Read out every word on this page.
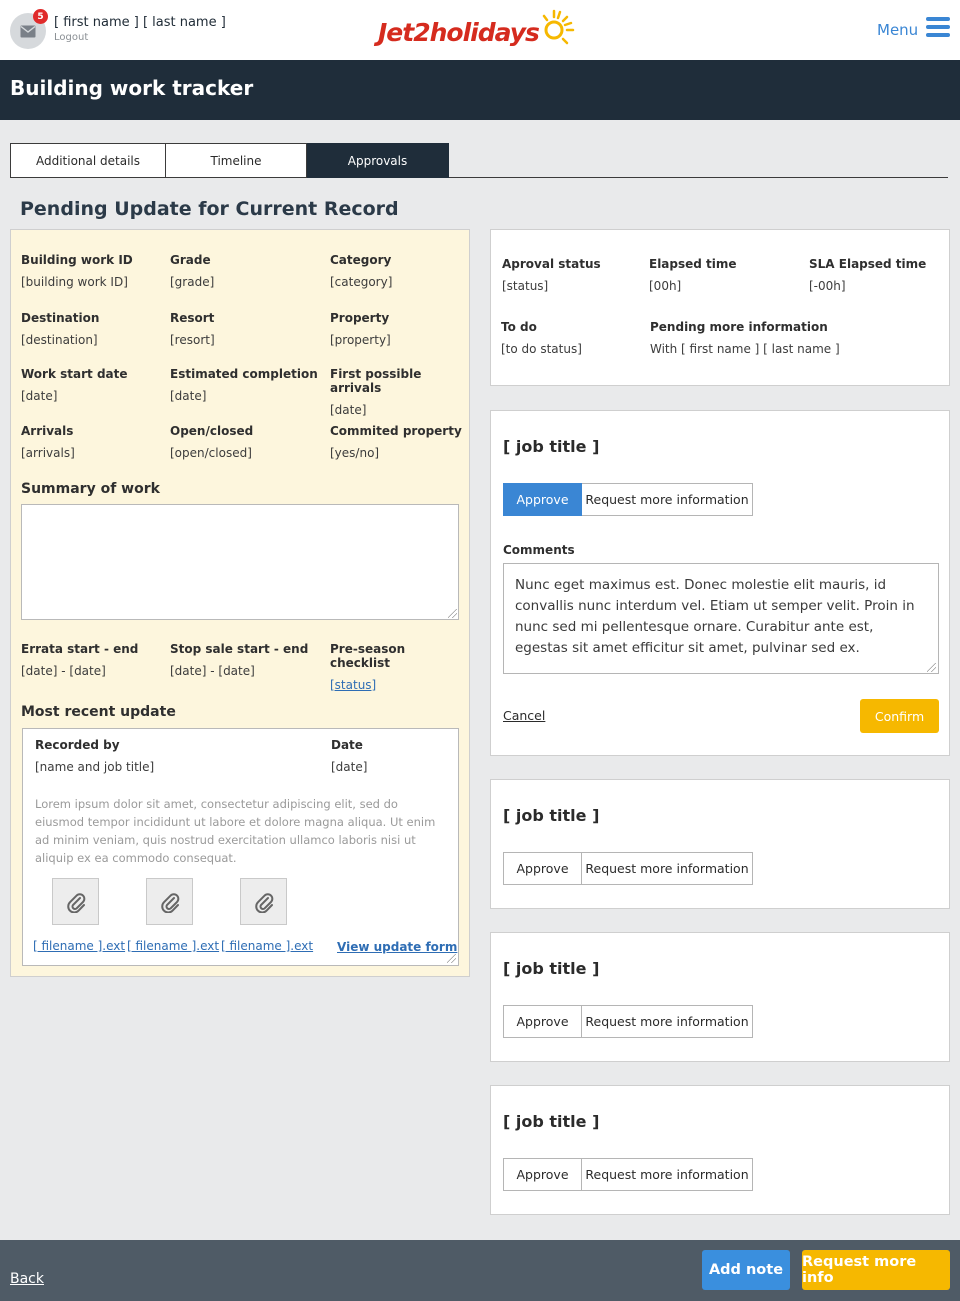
5 [ first name ] [ last name ]
Logout	Jet2holidays	Menu
Building work tracker
Additional details	Timeline	Approvals
Pending Update for Current Record
Building work ID
[building work ID]
Grade
[grade]
Category
[category]
Destination
[destination]
Resort
[resort]
Property
[property]
Work start date
[date]
Estimated completion
[date]
First possible arrivals
[date]
Arrivals
[arrivals]
Open/closed
[open/closed]
Commited property
[yes/no]
Summary of work
Errata start - end
[date] - [date]
Stop sale start - end
[date] - [date]
Pre-season checklist
[status]
Most recent update
Recorded by
[name and job title]
Date
[date]
Lorem ipsum dolor sit amet, consectetur adipiscing elit, sed do eiusmod tempor incididunt ut labore et dolore magna aliqua. Ut enim ad minim veniam, quis nostrud exercitation ullamco laboris nisi ut aliquip ex ea commodo consequat.
[ filename ].ext [ filename ].ext [ filename ].ext View update form
Aproval status
[status]
Elapsed time
[00h]
SLA Elapsed time
[-00h]
To do
[to do status]
Pending more information
With [ first name ] [ last name ]
[ job title ]
Approve	Request more information
Comments
Nunc eget maximus est. Donec molestie elit mauris, id convallis nunc interdum vel. Etiam ut semper velit. Proin in nunc sed mi pellentesque ornare. Curabitur ante est, egestas sit amet efficitur sit amet, pulvinar sed ex.
Cancel	Confirm
[ job title ]
Approve	Request more information
[ job title ]
Approve	Request more information
[ job title ]
Approve	Request more information
Back
Add note	Request more info
